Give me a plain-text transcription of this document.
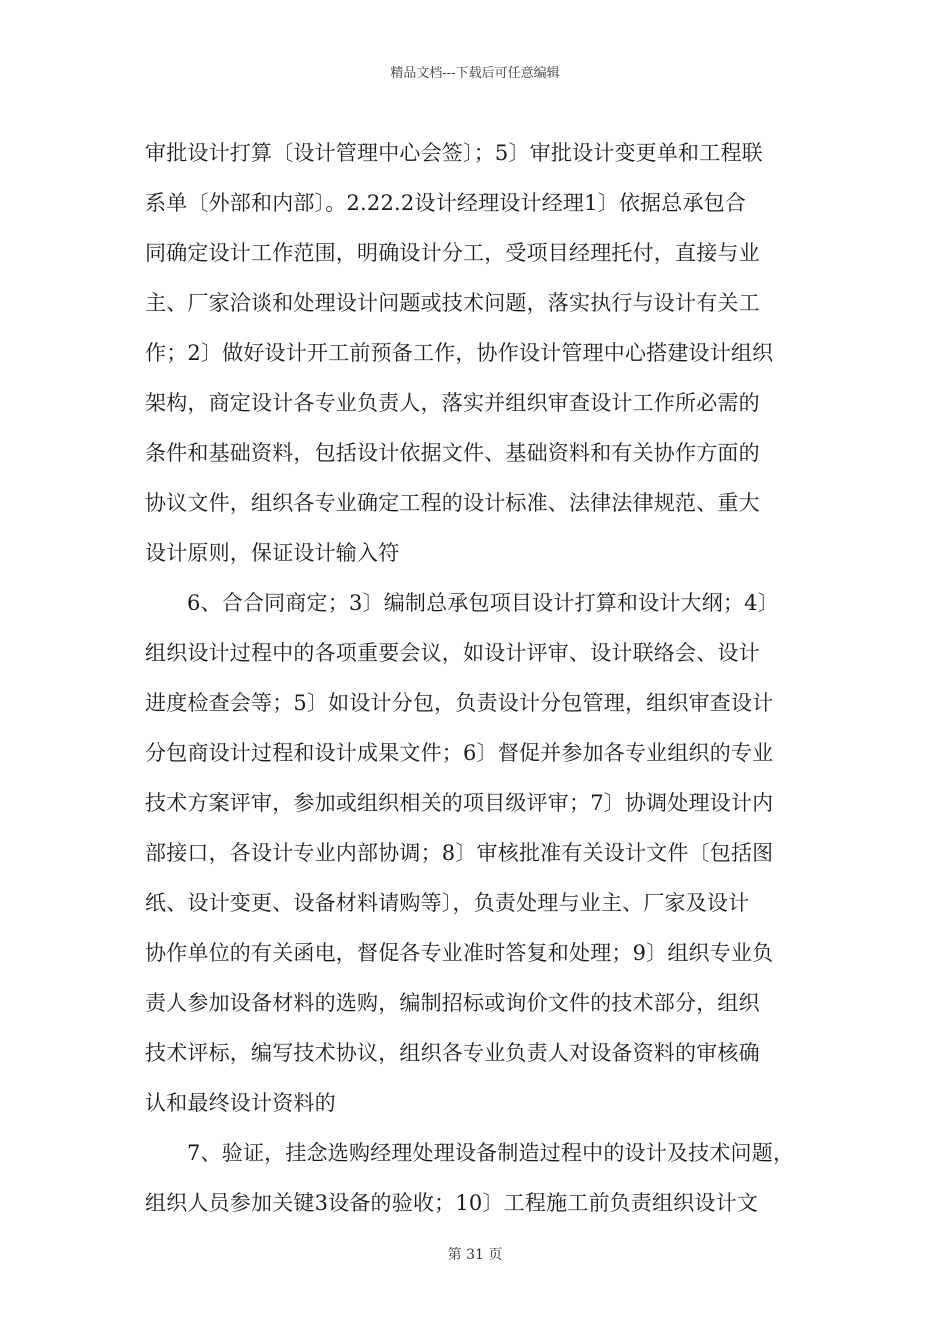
精品文档---下载后可任意编辑
审批设计打算〔设计管理中心会签〕；5〕审批设计变更单和工程联
系单〔外部和内部〕。2.22.2设计经理设计经理1〕依据总承包合
同确定设计工作范围，明确设计分工，受项目经理托付，直接与业
主、厂家洽谈和处理设计问题或技术问题，落实执行与设计有关工
作；2〕做好设计开工前预备工作，协作设计管理中心搭建设计组织
架构，商定设计各专业负责人，落实并组织审查设计工作所必需的
条件和基础资料，包括设计依据文件、基础资料和有关协作方面的
协议文件，组织各专业确定工程的设计标准、法律法律规范、重大
设计原则，保证设计输入符
6、合合同商定；3〕编制总承包项目设计打算和设计大纲；4〕
组织设计过程中的各项重要会议，如设计评审、设计联络会、设计
进度检查会等；5〕如设计分包，负责设计分包管理，组织审查设计
分包商设计过程和设计成果文件；6〕督促并参加各专业组织的专业
技术方案评审，参加或组织相关的项目级评审；7〕协调处理设计内
部接口，各设计专业内部协调；8〕审核批准有关设计文件〔包括图
纸、设计变更、设备材料请购等〕，负责处理与业主、厂家及设计
协作单位的有关函电，督促各专业准时答复和处理；9〕组织专业负
责人参加设备材料的选购，编制招标或询价文件的技术部分，组织
技术评标，编写技术协议，组织各专业负责人对设备资料的审核确
认和最终设计资料的
7、验证，挂念选购经理处理设备制造过程中的设计及技术问题，
组织人员参加关键3设备的验收；10〕工程施工前负责组织设计文
第 31 页
